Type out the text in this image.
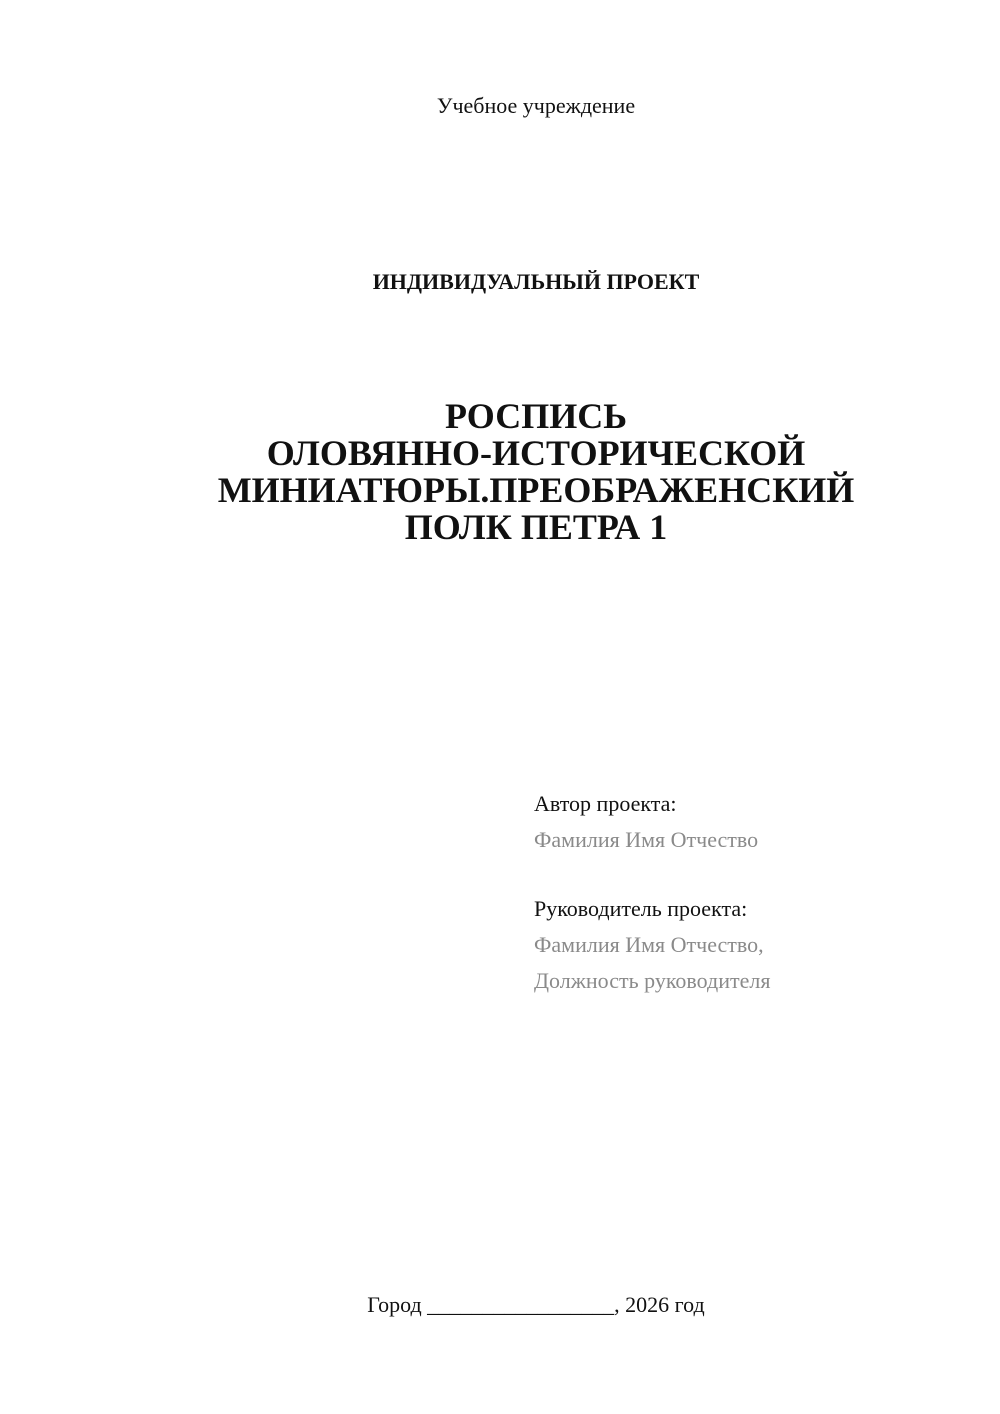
Учебное учреждение
ИНДИВИДУАЛЬНЫЙ ПРОЕКТ
РОСПИСЬ
ОЛОВЯННО-ИСТОРИЧЕСКОЙ
МИНИАТЮРЫ.ПРЕОБРАЖЕНСКИЙ
ПОЛК ПЕТРА 1
Автор проекта:
Фамилия Имя Отчество
Руководитель проекта:
Фамилия Имя Отчество,
Должность руководителя
Город _________________, 2026 год
